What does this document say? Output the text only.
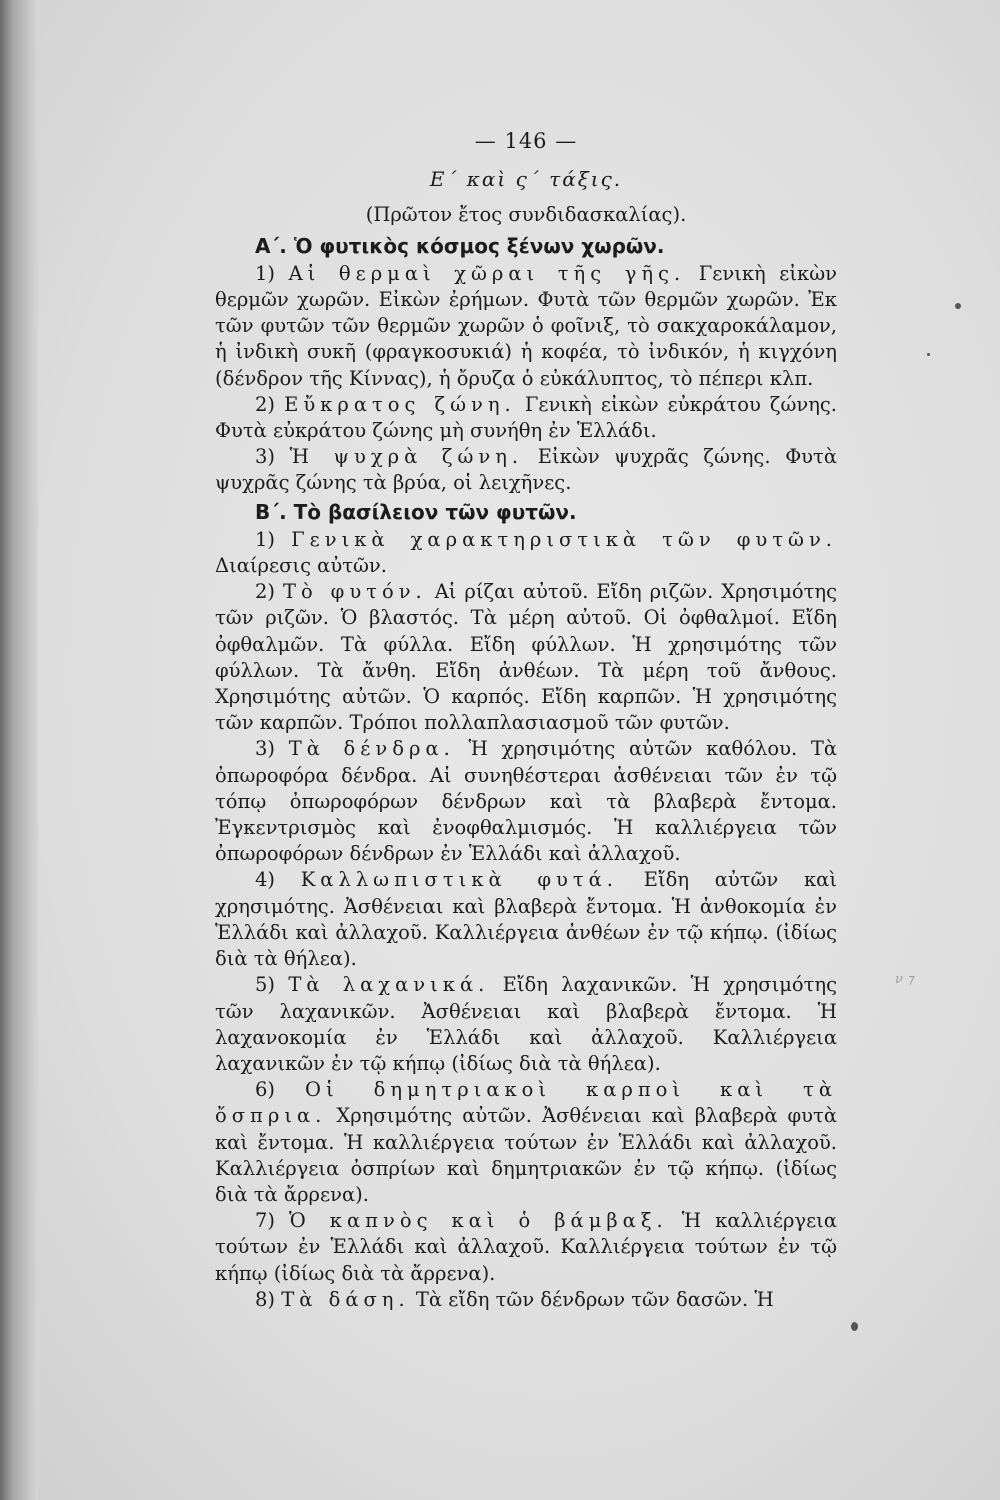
— 146 —
Ε΄ καὶ ς΄ τάξις.
(Πρῶτον ἔτος συνδιδασκαλίας).
Α΄. Ὁ φυτικὸς κόσμος ξένων χωρῶν.

1) Αἱ θερμαὶ χῶραι τῆς γῆς. Γενικὴ εἰκὼν θερμῶν χωρῶν. Εἰκὼν ἐρήμων. Φυτὰ τῶν θερμῶν χωρῶν. Ἐκ τῶν φυτῶν τῶν θερμῶν χωρῶν ὁ φοῖνιξ, τὸ σακχαροκάλαμον, ἡ ἰνδικὴ συκῆ (φραγκοσυκιά) ἡ κοφέα, τὸ ἰνδικόν, ἡ κιγχόνη (δένδρον τῆς Κίννας), ἡ ὄρυζα ὁ εὐκάλυπτος, τὸ πέπερι κλπ.

2) Εὔκρατος ζώνη. Γενικὴ εἰκὼν εὐκράτου ζώνης. Φυτὰ εὐκράτου ζώνης μὴ συνήθη ἐν Ἑλλάδι.

3) Ἡ ψυχρὰ ζώνη. Εἰκὼν ψυχρᾶς ζώνης. Φυτὰ ψυχρᾶς ζώνης τὰ βρύα, οἱ λειχῆνες.

Β΄. Τὸ βασίλειον τῶν φυτῶν.

1) Γενικὰ χαρακτηριστικὰ τῶν φυτῶν. Διαίρεσις αὐτῶν.

2) Τὸ φυτόν. Αἱ ρίζαι αὐτοῦ. Εἴδη ριζῶν. Χρησιμότης τῶν ριζῶν. Ὁ βλαστός. Τὰ μέρη αὐτοῦ. Οἱ ὀφθαλμοί. Εἴδη ὀφθαλμῶν. Τὰ φύλλα. Εἴδη φύλλων. Ἡ χρησιμότης τῶν φύλλων. Τὰ ἄνθη. Εἴδη ἀνθέων. Τὰ μέρη τοῦ ἄνθους. Χρησιμότης αὐτῶν. Ὁ καρπός. Εἴδη καρπῶν. Ἡ χρησιμότης τῶν καρπῶν. Τρόποι πολλαπλασιασμοῦ τῶν φυτῶν.

3) Τὰ δένδρα. Ἡ χρησιμότης αὐτῶν καθόλου. Τὰ ὀπωροφόρα δένδρα. Αἱ συνηθέστεραι ἀσθένειαι τῶν ἐν τῷ τόπῳ ὀπωροφόρων δένδρων καὶ τὰ βλαβερὰ ἔντομα. Ἐγκεντρισμὸς καὶ ἐνοφθαλμισμός. Ἡ καλλιέργεια τῶν ὀπωροφόρων δένδρων ἐν Ἑλλάδι καὶ ἀλλαχοῦ.

4) Καλλωπιστικὰ φυτά. Εἴδη αὐτῶν καὶ χρησιμότης. Ἀσθένειαι καὶ βλαβερὰ ἔντομα. Ἡ ἀνθοκομία ἐν Ἑλλάδι καὶ ἀλλαχοῦ. Καλλιέργεια ἀνθέων ἐν τῷ κήπῳ. (ἰδίως διὰ τὰ θήλεα).

5) Τὰ λαχανικά. Εἴδη λαχανικῶν. Ἡ χρησιμότης τῶν λαχανικῶν. Ἀσθένειαι καὶ βλαβερὰ ἔντομα. Ἡ λαχανοκομία ἐν Ἑλλάδι καὶ ἀλλαχοῦ. Καλλιέργεια λαχανικῶν ἐν τῷ κήπῳ (ἰδίως διὰ τὰ θήλεα).

6) Οἱ δημητριακοὶ καρποὶ καὶ τὰ ὄσπρια. Χρησιμότης αὐτῶν. Ἀσθένειαι καὶ βλαβερὰ φυτὰ καὶ ἔντομα. Ἡ καλλιέργεια τούτων ἐν Ἑλλάδι καὶ ἀλλαχοῦ. Καλλιέργεια ὀσπρίων καὶ δημητριακῶν ἐν τῷ κήπῳ. (ἰδίως διὰ τὰ ἄρρενα).

7) Ὁ καπνὸς καὶ ὁ βάμβαξ. Ἡ καλλιέργεια τούτων ἐν Ἑλλάδι καὶ ἀλλαχοῦ. Καλλιέργεια τούτων ἐν τῷ κήπῳ (ἰδίως διὰ τὰ ἄρρενα).

8) Τὰ δάση. Τὰ εἴδη τῶν δένδρων τῶν δασῶν. Ἡ

ν ⁊
